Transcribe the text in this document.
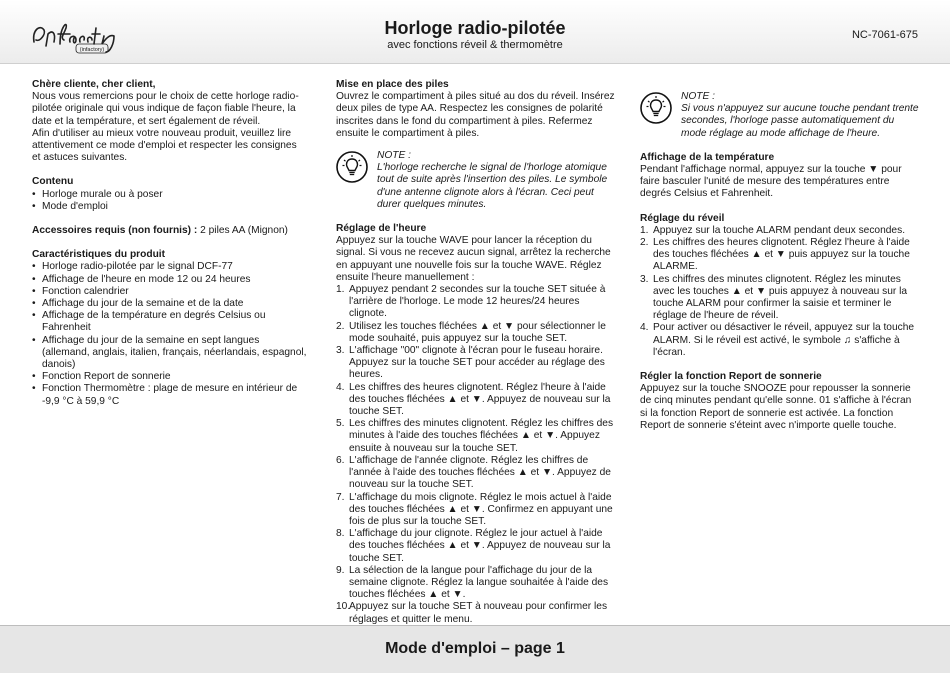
(infactory)
Horloge radio-pilotée
avec fonctions réveil & thermomètre
NC-7061-675

Chère cliente, cher client,

Nous vous remercions pour le choix de cette horloge radio-pilotée originale qui vous indique de façon fiable l'heure, la date et la température, et sert également de réveil.

Afin d'utiliser au mieux votre nouveau produit, veuillez lire attentivement ce mode d'emploi et respecter les consignes et astuces suivantes.

Contenu

• Horloge murale ou à poser
• Mode d'emploi

Accessoires requis (non fournis) : 2 piles AA (Mignon)

Caractéristiques du produit

• Horloge radio-pilotée par le signal DCF-77
• Affichage de l'heure en mode 12 ou 24 heures
• Fonction calendrier
• Affichage du jour de la semaine et de la date
• Affichage de la température en degrés Celsius ou Fahrenheit
• Affichage du jour de la semaine en sept langues (allemand, anglais, italien, français, néerlandais, espagnol, danois)
• Fonction Report de sonnerie
• Fonction Thermomètre : plage de mesure en intérieur de -9,9 °C à 59,9 °C

Mise en place des piles

Ouvrez le compartiment à piles situé au dos du réveil. Insérez deux piles de type AA. Respectez les consignes de polarité inscrites dans le fond du compartiment à piles. Refermez ensuite le compartiment à piles.

NOTE :

L'horloge recherche le signal de l'horloge atomique tout de suite après l'insertion des piles. Le symbole d'une antenne clignote alors à l'écran. Ceci peut durer quelques minutes.

Réglage de l'heure

Appuyez sur la touche WAVE pour lancer la réception du signal. Si vous ne recevez aucun signal, arrêtez la recherche en appuyant une nouvelle fois sur la touche WAVE. Réglez ensuite l'heure manuellement :

1. Appuyez pendant 2 secondes sur la touche SET située à l'arrière de l'horloge. Le mode 12 heures/24 heures clignote.
2. Utilisez les touches fléchées ▲ et ▼ pour sélectionner le mode souhaité, puis appuyez sur la touche SET.
3. L'affichage "00" clignote à l'écran pour le fuseau horaire. Appuyez sur la touche SET pour accéder au réglage des heures.
4. Les chiffres des heures clignotent. Réglez l'heure à l'aide des touches fléchées ▲ et ▼. Appuyez de nouveau sur la touche SET.
5. Les chiffres des minutes clignotent. Réglez les chiffres des minutes à l'aide des touches fléchées ▲ et ▼. Appuyez ensuite à nouveau sur la touche SET.
6. L'affichage de l'année clignote. Réglez les chiffres de l'année à l'aide des touches fléchées ▲ et ▼. Appuyez de nouveau sur la touche SET.
7. L'affichage du mois clignote. Réglez le mois actuel à l'aide des touches fléchées ▲ et ▼. Confirmez en appuyant une fois de plus sur la touche SET.
8. L'affichage du jour clignote. Réglez le jour actuel à l'aide des touches fléchées ▲ et ▼. Appuyez de nouveau sur la touche SET.
9. La sélection de la langue pour l'affichage du jour de la semaine clignote. Réglez la langue souhaitée à l'aide des touches fléchées ▲ et ▼.
10.
Appuyez sur la touche SET à nouveau pour confirmer les réglages et quitter le menu.

NOTE :

Si vous n'appuyez sur aucune touche pendant trente secondes, l'horloge passe automatiquement du mode réglage au mode affichage de l'heure.

Affichage de la température

Pendant l'affichage normal, appuyez sur la touche ▼ pour faire basculer l'unité de mesure des températures entre degrés Celsius et Fahrenheit.

Réglage du réveil

1. Appuyez sur la touche ALARM pendant deux secondes.
2. Les chiffres des heures clignotent. Réglez l'heure à l'aide des touches fléchées ▲ et ▼ puis appuyez sur la touche ALARME.
3. Les chiffres des minutes clignotent. Réglez les minutes avec les touches ▲ et ▼ puis appuyez à nouveau sur la touche ALARM pour confirmer la saisie et terminer le réglage de l'heure de réveil.
4. Pour activer ou désactiver le réveil, appuyez sur la touche ALARM. Si le réveil est activé, le symbole ♫ s'affiche à l'écran.

Régler la fonction Report de sonnerie

Appuyez sur la touche SNOOZE pour repousser la sonnerie de cinq minutes pendant qu'elle sonne. 01 s'affiche à l'écran si la fonction Report de sonnerie est activée. La fonction Report de sonnerie s'éteint avec n'importe quelle touche.

Mode d'emploi – page 1
